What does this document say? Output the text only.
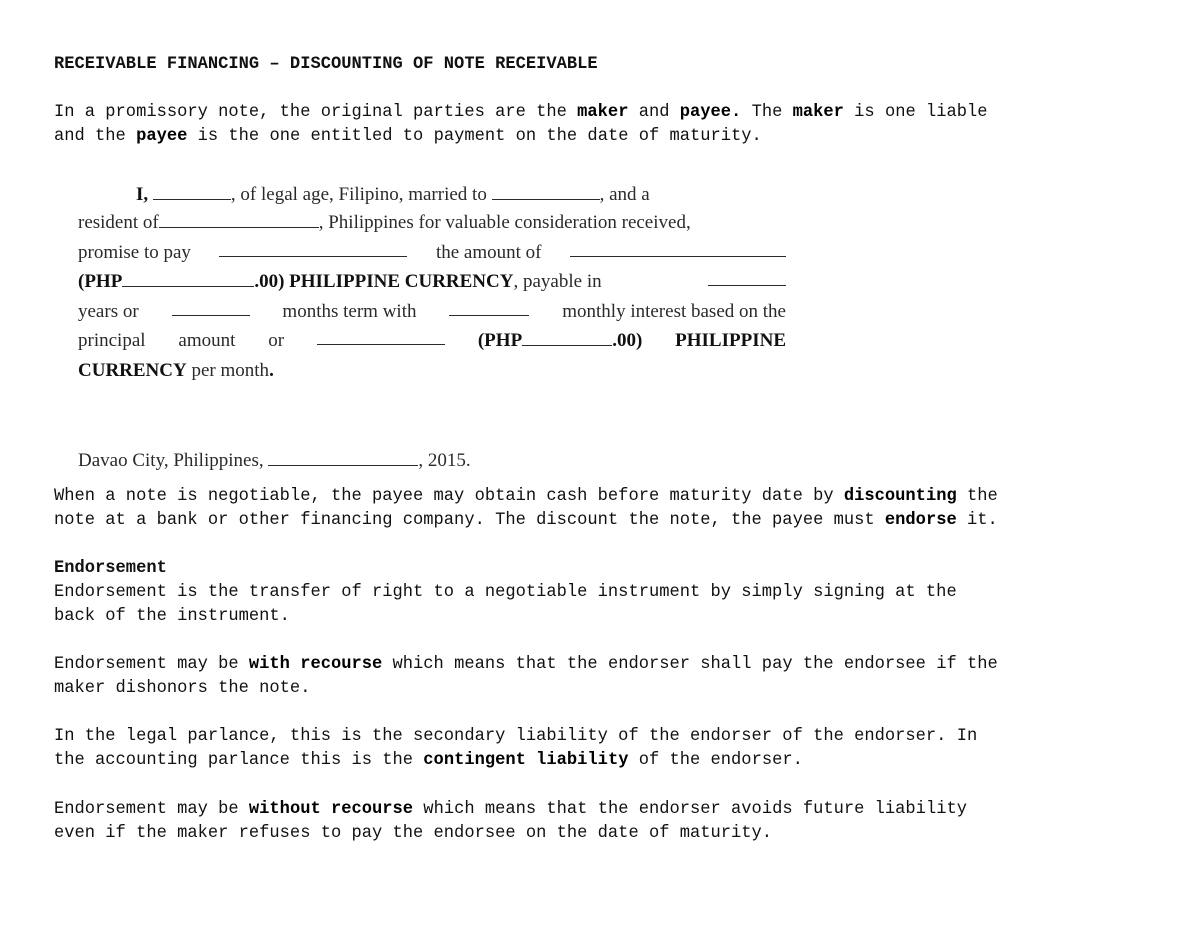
RECEIVABLE FINANCING – DISCOUNTING OF NOTE RECEIVABLE
In a promissory note, the original parties are the maker and payee. The maker is one liable
and the payee is the one entitled to payment on the date of maturity.
I,	, of legal age, Filipino, married to	, and a
resident of	, Philippines for valuable consideration received,
promise to pay	the amount of
(PHP	.00) PHILIPPINE CURRENCY, payable in
years or	months term with	monthly interest based on the
principal amount or	(PHP	.00) PHILIPPINE
CURRENCY per month.
Davao City, Philippines,	, 2015.
When a note is negotiable, the payee may obtain cash before maturity date by discounting the
note at a bank or other financing company. The discount the note, the payee must endorse it.
Endorsement
Endorsement is the transfer of right to a negotiable instrument by simply signing at the
back of the instrument.
Endorsement may be with recourse which means that the endorser shall pay the endorsee if the
maker dishonors the note.
In the legal parlance, this is the secondary liability of the endorser of the endorser. In
the accounting parlance this is the contingent liability of the endorser.
Endorsement may be without recourse which means that the endorser avoids future liability
even if the maker refuses to pay the endorsee on the date of maturity.
